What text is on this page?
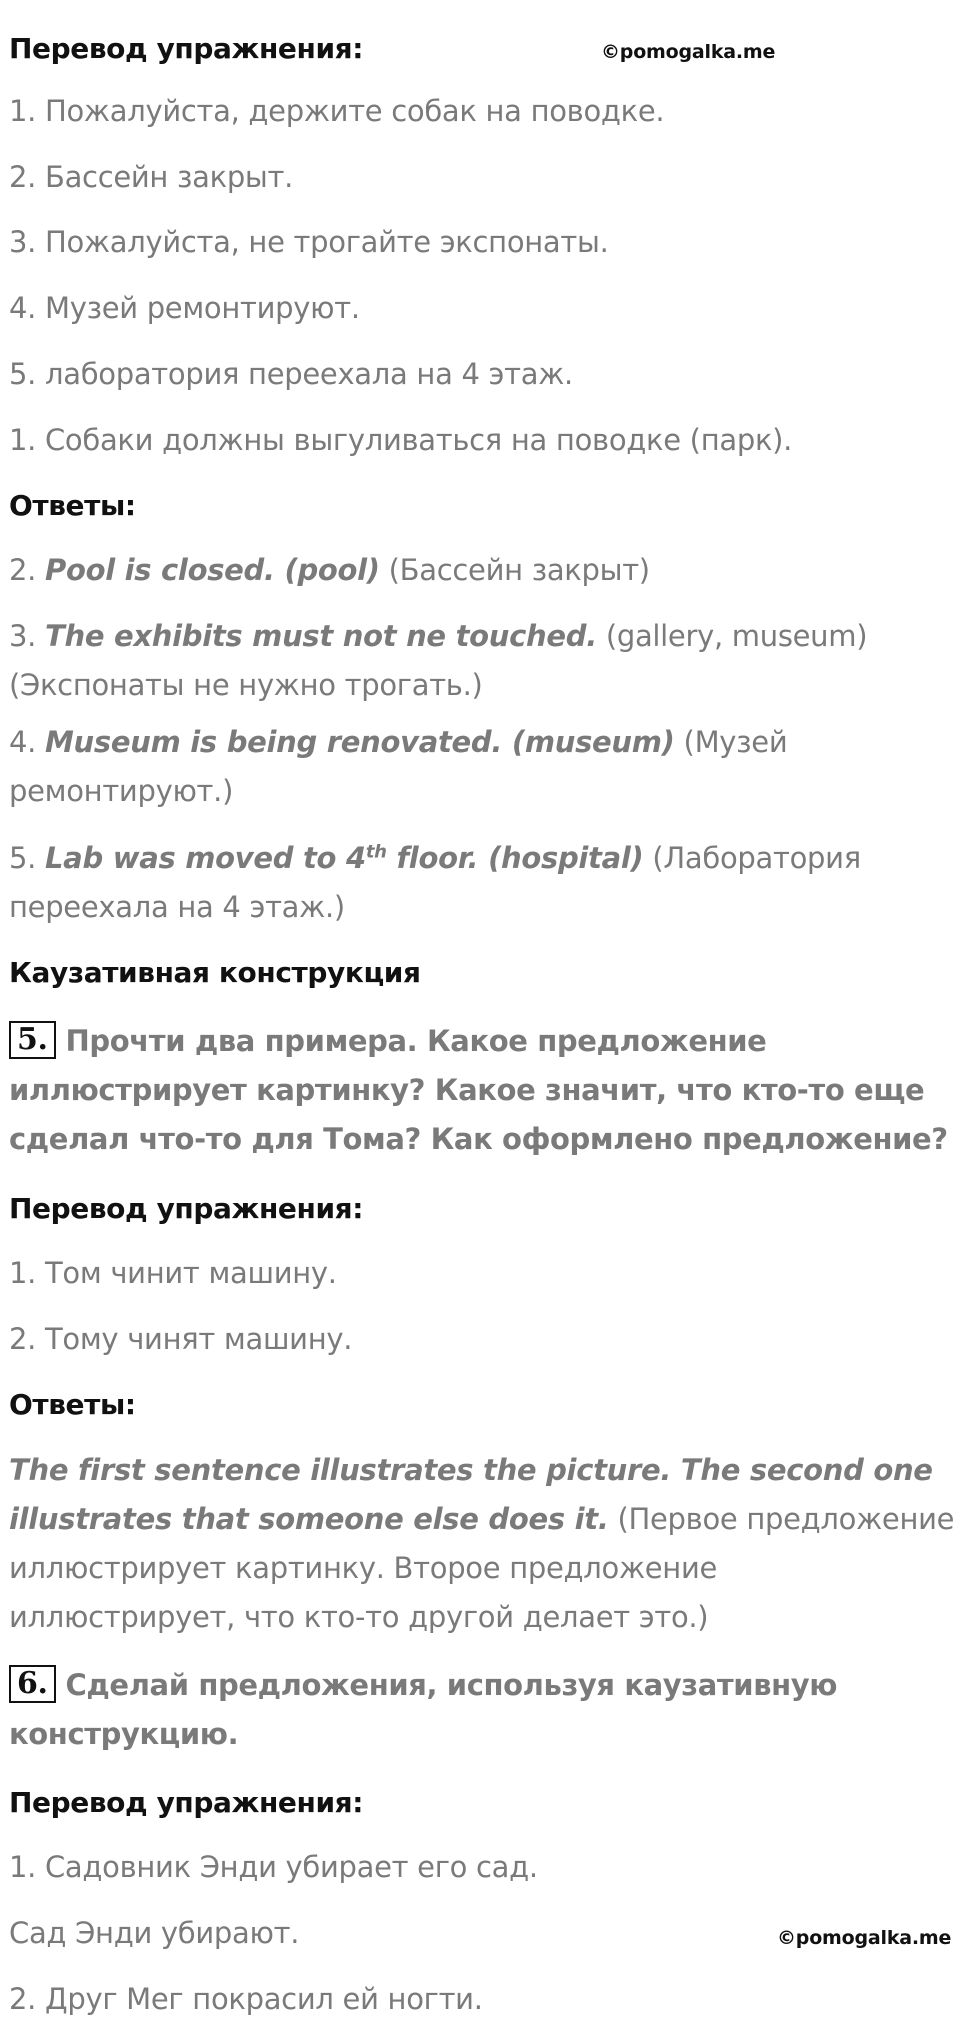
©pomogalka.me
©pomogalka.me
Перевод упражнения:
1. Пожалуйста, держите собак на поводке.
2. Бассейн закрыт.
3. Пожалуйста, не трогайте экспонаты.
4. Музей ремонтируют.
5. лаборатория переехала на 4 этаж.
1. Собаки должны выгуливаться на поводке (парк).
Ответы:
2. Pool is closed. (pool) (Бассейн закрыт)
3. The exhibits must not ne touched. (gallery, museum)
(Экспонаты не нужно трогать.)
4. Museum is being renovated. (museum) (Музей
ремонтируют.)
5. Lab was moved to 4th floor. (hospital) (Лаборатория
переехала на 4 этаж.)
Каузативная конструкция
5. Прочти два примера. Какое предложение
иллюстрирует картинку? Какое значит, что кто-то еще
сделал что-то для Тома? Как оформлено предложение?
Перевод упражнения:
1. Том чинит машину.
2. Тому чинят машину.
Ответы:
The first sentence illustrates the picture. The second one
illustrates that someone else does it. (Первое предложение
иллюстрирует картинку. Второе предложение
иллюстрирует, что кто-то другой делает это.)
6. Сделай предложения, используя каузативную
конструкцию.
Перевод упражнения:
1. Садовник Энди убирает его сад.
Сад Энди убирают.
2. Друг Мег покрасил ей ногти.
